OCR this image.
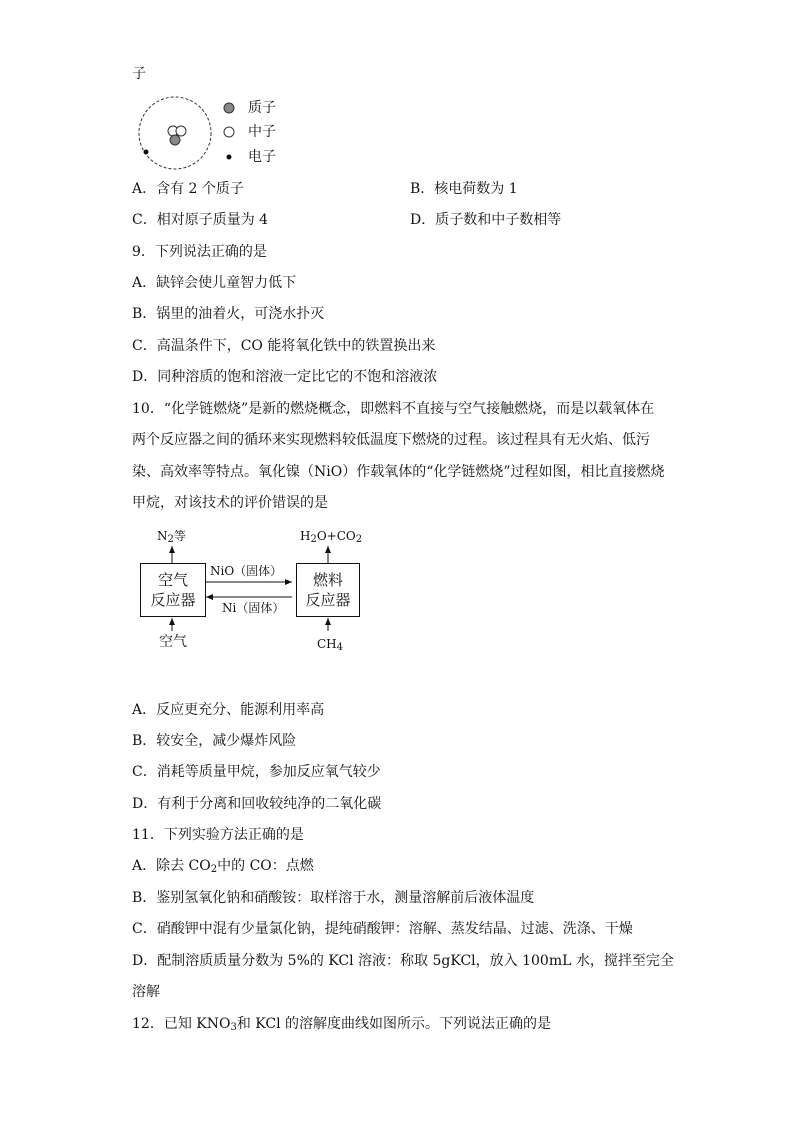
子
质子
中子
电子
A．含有 2 个质子	B．核电荷数为 1
C．相对原子质量为 4	D．质子数和中子数相等
9．下列说法正确的是
A．缺锌会使儿童智力低下
B．锅里的油着火，可浇水扑灭
C．高温条件下，CO 能将氧化铁中的铁置换出来
D．同种溶质的饱和溶液一定比它的不饱和溶液浓
10．“化学链燃烧”是新的燃烧概念，即燃料不直接与空气接触燃烧，而是以载氧体在
两个反应器之间的循环来实现燃料较低温度下燃烧的过程。该过程具有无火焰、低污
染、高效率等特点。氧化镍（NiO）作载氧体的“化学链燃烧”过程如图，相比直接燃烧
甲烷，对该技术的评价错误的是
空气
反应器
燃料
反应器
$N_2$等	$H_2O+CO_2$
NiO（固体）
Ni（固体）
空气	$CH_4$
A．反应更充分、能源利用率高
B．较安全，减少爆炸风险
C．消耗等质量甲烷，参加反应氧气较少
D．有利于分离和回收较纯净的二氧化碳
11．下列实验方法正确的是
A．除去 $CO_2$中的 CO：点燃
B．鉴别氢氧化钠和硝酸铵：取样溶于水，测量溶解前后液体温度
C．硝酸钾中混有少量氯化钠，提纯硝酸钾：溶解、蒸发结晶、过滤、洗涤、干燥
D．配制溶质质量分数为 5%的 KCl 溶液：称取 5gKCl，放入 100mL 水，搅拌至完全
溶解
12．已知 $KNO_3$和 KCl 的溶解度曲线如图所示。下列说法正确的是
